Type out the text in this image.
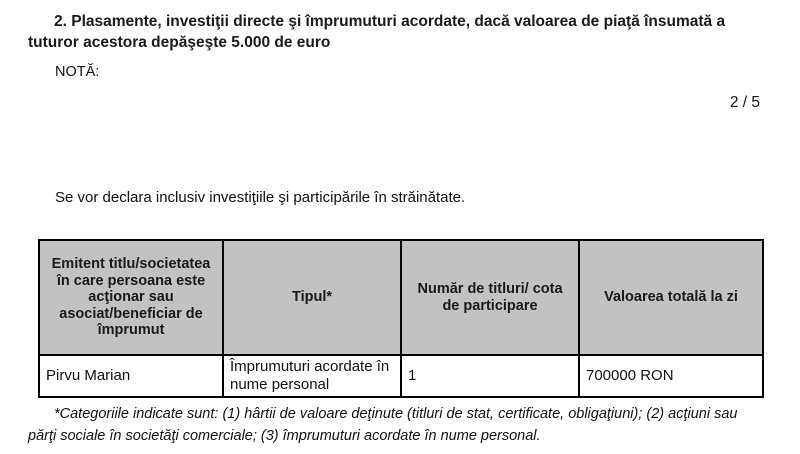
2. Plasamente, investiţii directe şi împrumuturi acordate, dacă valoarea de piaţă însumată a tuturor acestora depăşeşte 5.000 de euro
NOTĂ:
2 / 5
Se vor declara inclusiv investiţiile şi participările în străinătate.
Emitent titlu/societatea în care persoana este acţionar sau asociat/beneficiar de împrumut	Tipul*	Număr de titluri/ cota de participare	Valoarea totală la zi
Pirvu Marian	Împrumuturi acordate în nume personal	1	700000 RON
*Categoriile indicate sunt: (1) hârtii de valoare deţinute (titluri de stat, certificate, obligaţiuni); (2) acţiuni sau părţi sociale în societăţi comerciale; (3) împrumuturi acordate în nume personal.
